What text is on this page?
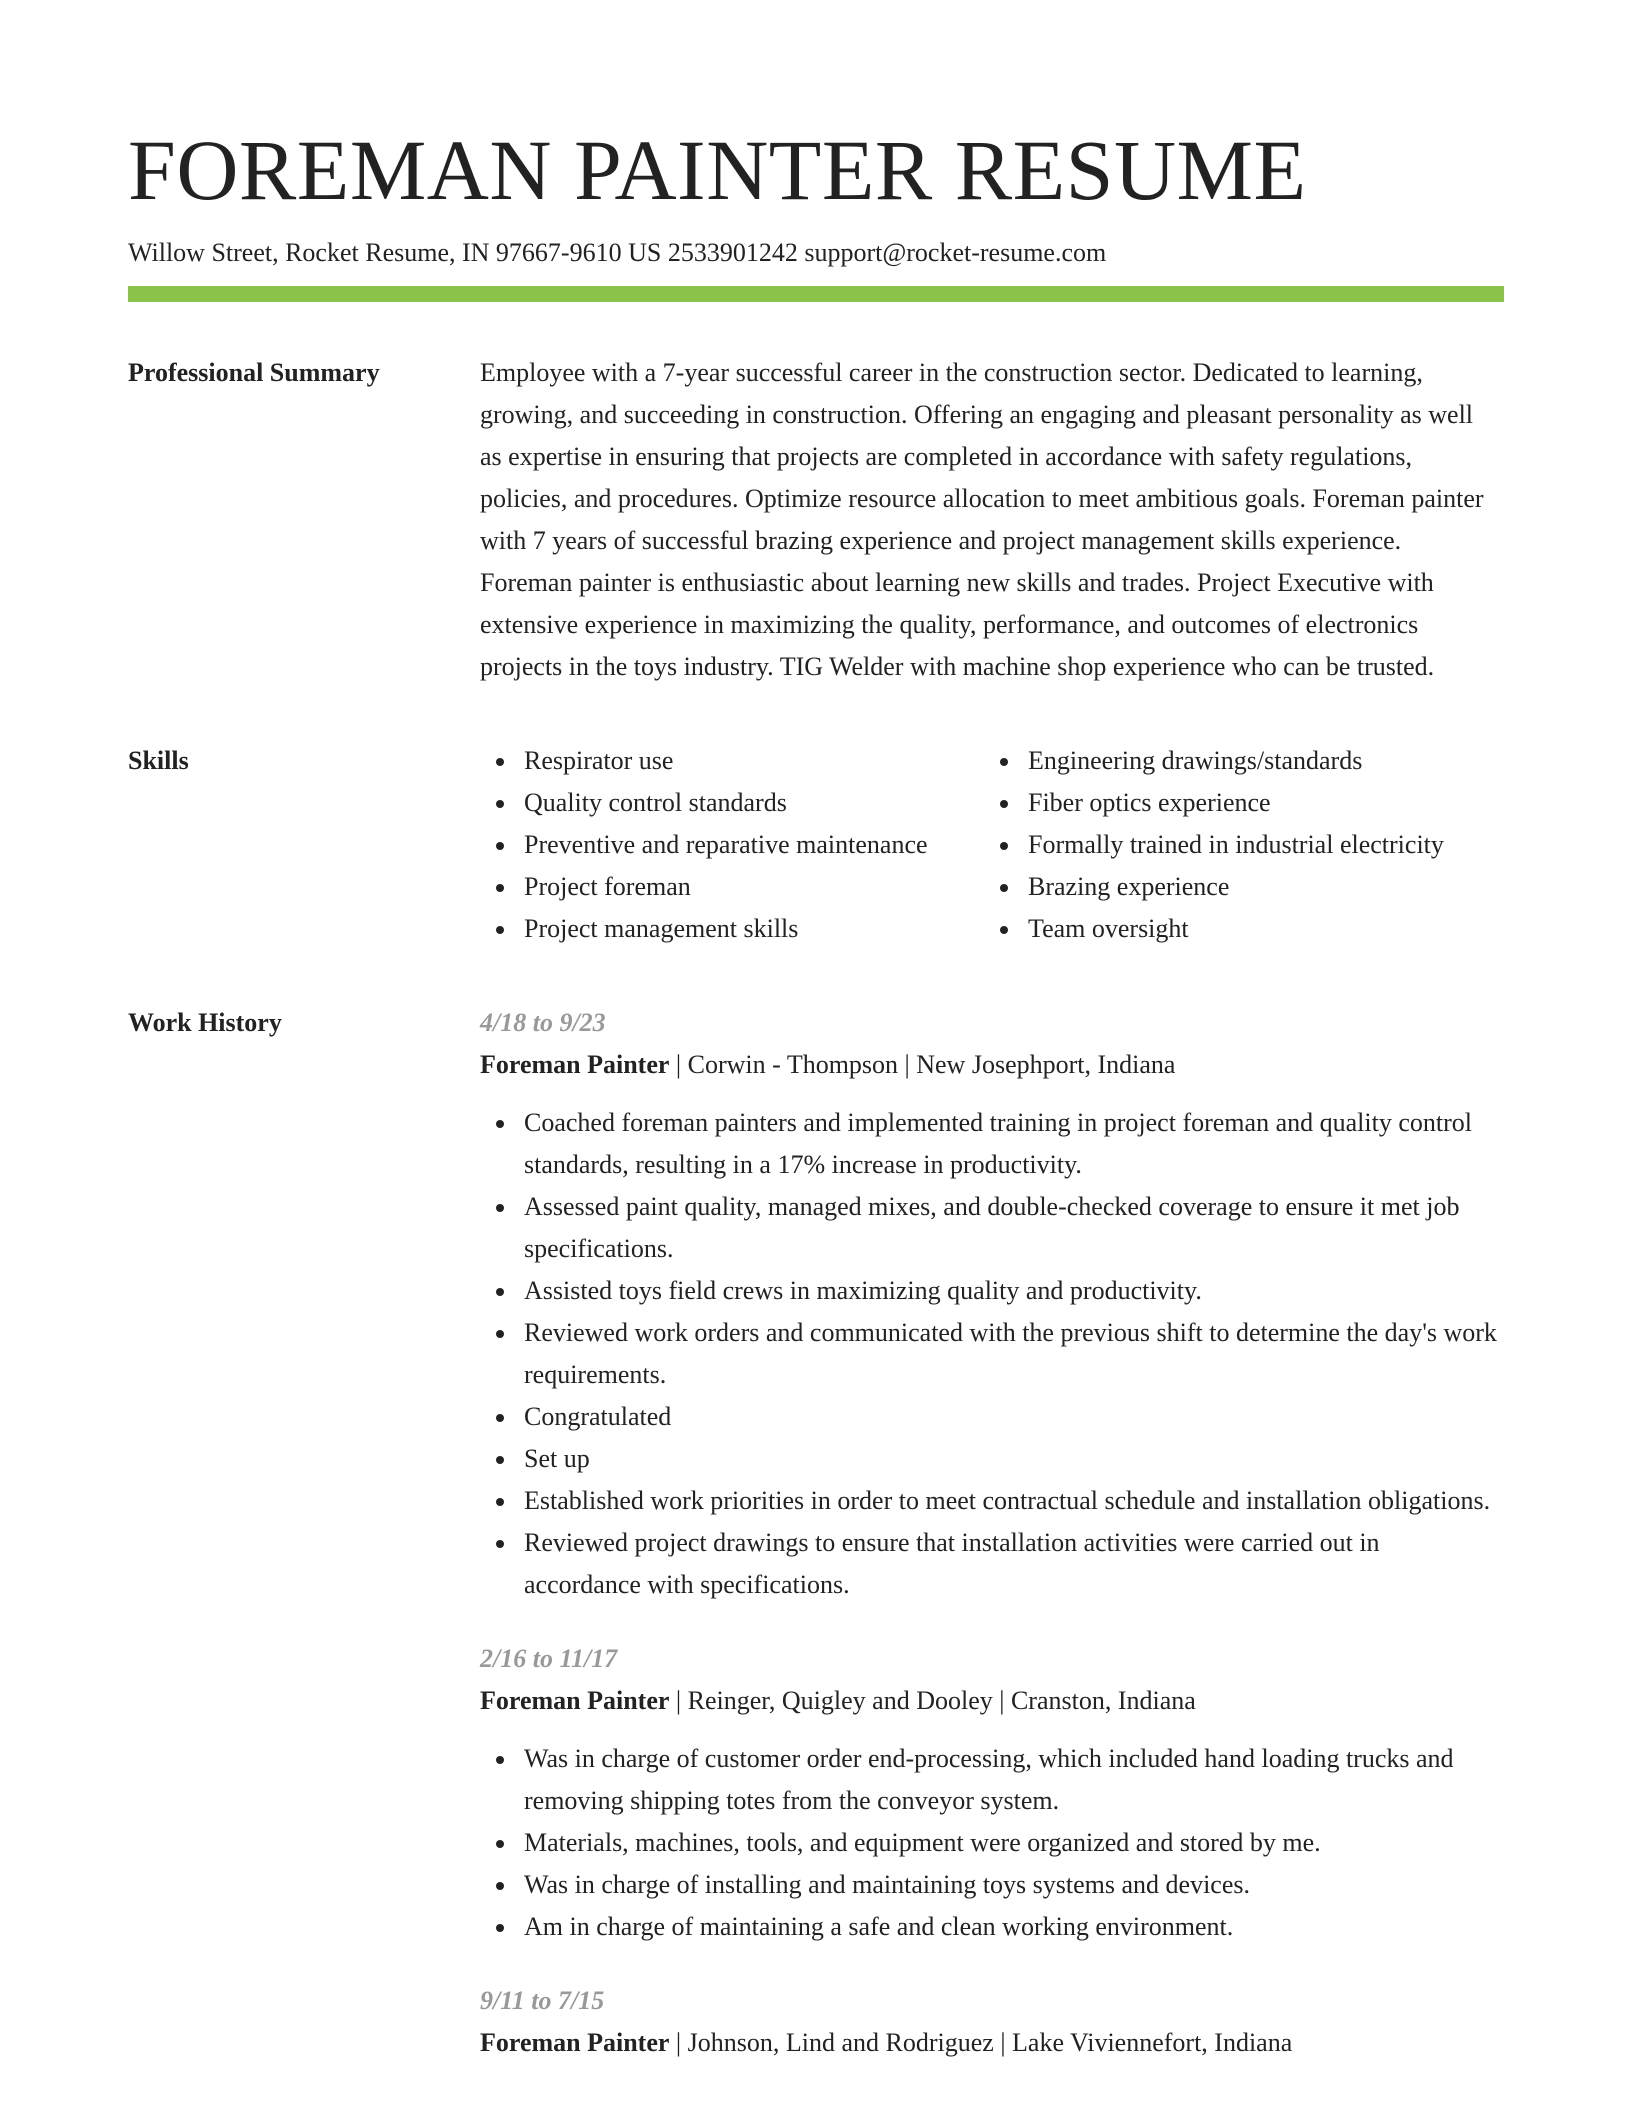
FOREMAN PAINTER RESUME
Willow Street, Rocket Resume, IN 97667-9610 US 2533901242 support@rocket-resume.com
Professional Summary	Employee with a 7-year successful career in the construction sector. Dedicated to learning, growing, and succeeding in construction. Offering an engaging and pleasant personality as well as expertise in ensuring that projects are completed in accordance with safety regulations, policies, and procedures. Optimize resource allocation to meet ambitious goals. Foreman painter with 7 years of successful brazing experience and project management skills experience. Foreman painter is enthusiastic about learning new skills and trades. Project Executive with extensive experience in maximizing the quality, performance, and outcomes of electronics projects in the toys industry. TIG Welder with machine shop experience who can be trusted.

Skills	Respirator use
Quality control standards
Preventive and reparative maintenance
Project foreman
Project management skills
Engineering drawings/standards
Fiber optics experience
Formally trained in industrial electricity
Brazing experience
Team oversight
Work History	4/18 to 9/23
Foreman Painter | Corwin - Thompson | New Josephport, Indiana
Coached foreman painters and implemented training in project foreman and quality control standards, resulting in a 17% increase in productivity.
Assessed paint quality, managed mixes, and double-checked coverage to ensure it met job specifications.
Assisted toys field crews in maximizing quality and productivity.
Reviewed work orders and communicated with the previous shift to determine the day's work requirements.
Congratulated
Set up
Established work priorities in order to meet contractual schedule and installation obligations.
Reviewed project drawings to ensure that installation activities were carried out in accordance with specifications.
2/16 to 11/17
Foreman Painter | Reinger, Quigley and Dooley | Cranston, Indiana
Was in charge of customer order end-processing, which included hand loading trucks and removing shipping totes from the conveyor system.
Materials, machines, tools, and equipment were organized and stored by me.
Was in charge of installing and maintaining toys systems and devices.
Am in charge of maintaining a safe and clean working environment.
9/11 to 7/15
Foreman Painter | Johnson, Lind and Rodriguez | Lake Viviennefort, Indiana
